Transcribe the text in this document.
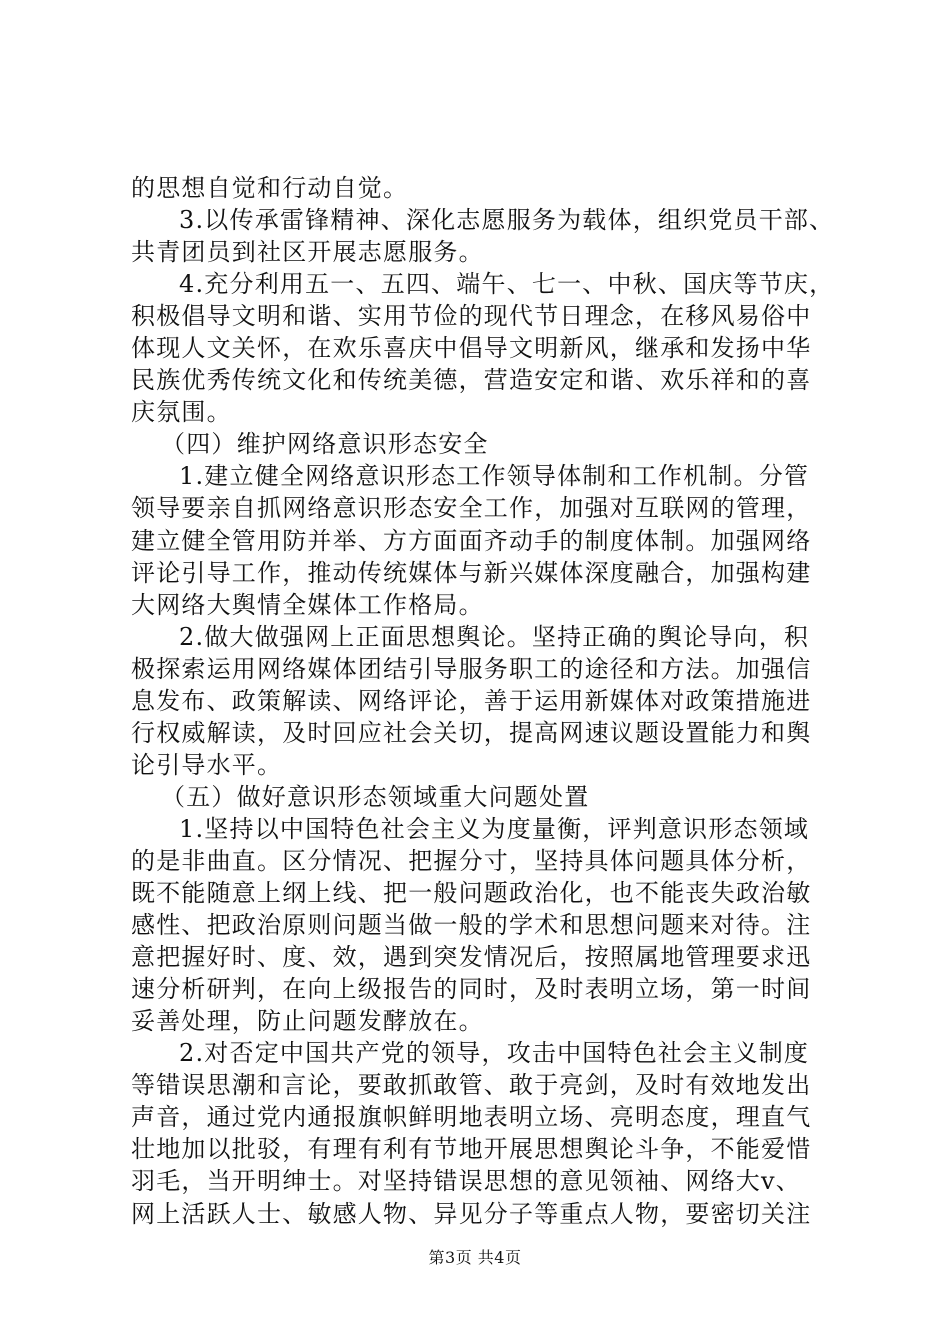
的思想自觉和行动自觉。
3.以传承雷锋精神、深化志愿服务为载体，组织党员干部、
共青团员到社区开展志愿服务。
4.充分利用五一、五四、端午、七一、中秋、国庆等节庆，
积极倡导文明和谐、实用节俭的现代节日理念，在移风易俗中
体现人文关怀，在欢乐喜庆中倡导文明新风，继承和发扬中华
民族优秀传统文化和传统美德，营造安定和谐、欢乐祥和的喜
庆氛围。
（四）维护网络意识形态安全
1.建立健全网络意识形态工作领导体制和工作机制。分管
领导要亲自抓网络意识形态安全工作，加强对互联网的管理，
建立健全管用防并举、方方面面齐动手的制度体制。加强网络
评论引导工作，推动传统媒体与新兴媒体深度融合，加强构建
大网络大舆情全媒体工作格局。
2.做大做强网上正面思想舆论。坚持正确的舆论导向，积
极探索运用网络媒体团结引导服务职工的途径和方法。加强信
息发布、政策解读、网络评论，善于运用新媒体对政策措施进
行权威解读，及时回应社会关切，提高网速议题设置能力和舆
论引导水平。
（五）做好意识形态领域重大问题处置
1.坚持以中国特色社会主义为度量衡，评判意识形态领域
的是非曲直。区分情况、把握分寸，坚持具体问题具体分析，
既不能随意上纲上线、把一般问题政治化，也不能丧失政治敏
感性、把政治原则问题当做一般的学术和思想问题来对待。注
意把握好时、度、效，遇到突发情况后，按照属地管理要求迅
速分析研判，在向上级报告的同时，及时表明立场，第一时间
妥善处理，防止问题发酵放在。
2.对否定中国共产党的领导，攻击中国特色社会主义制度
等错误思潮和言论，要敢抓敢管、敢于亮剑，及时有效地发出
声音，通过党内通报旗帜鲜明地表明立场、亮明态度，理直气
壮地加以批驳，有理有利有节地开展思想舆论斗争，不能爱惜
羽毛，当开明绅士。对坚持错误思想的意见领袖、网络大v、
网上活跃人士、敏感人物、异见分子等重点人物，要密切关注
第3页 共4页
